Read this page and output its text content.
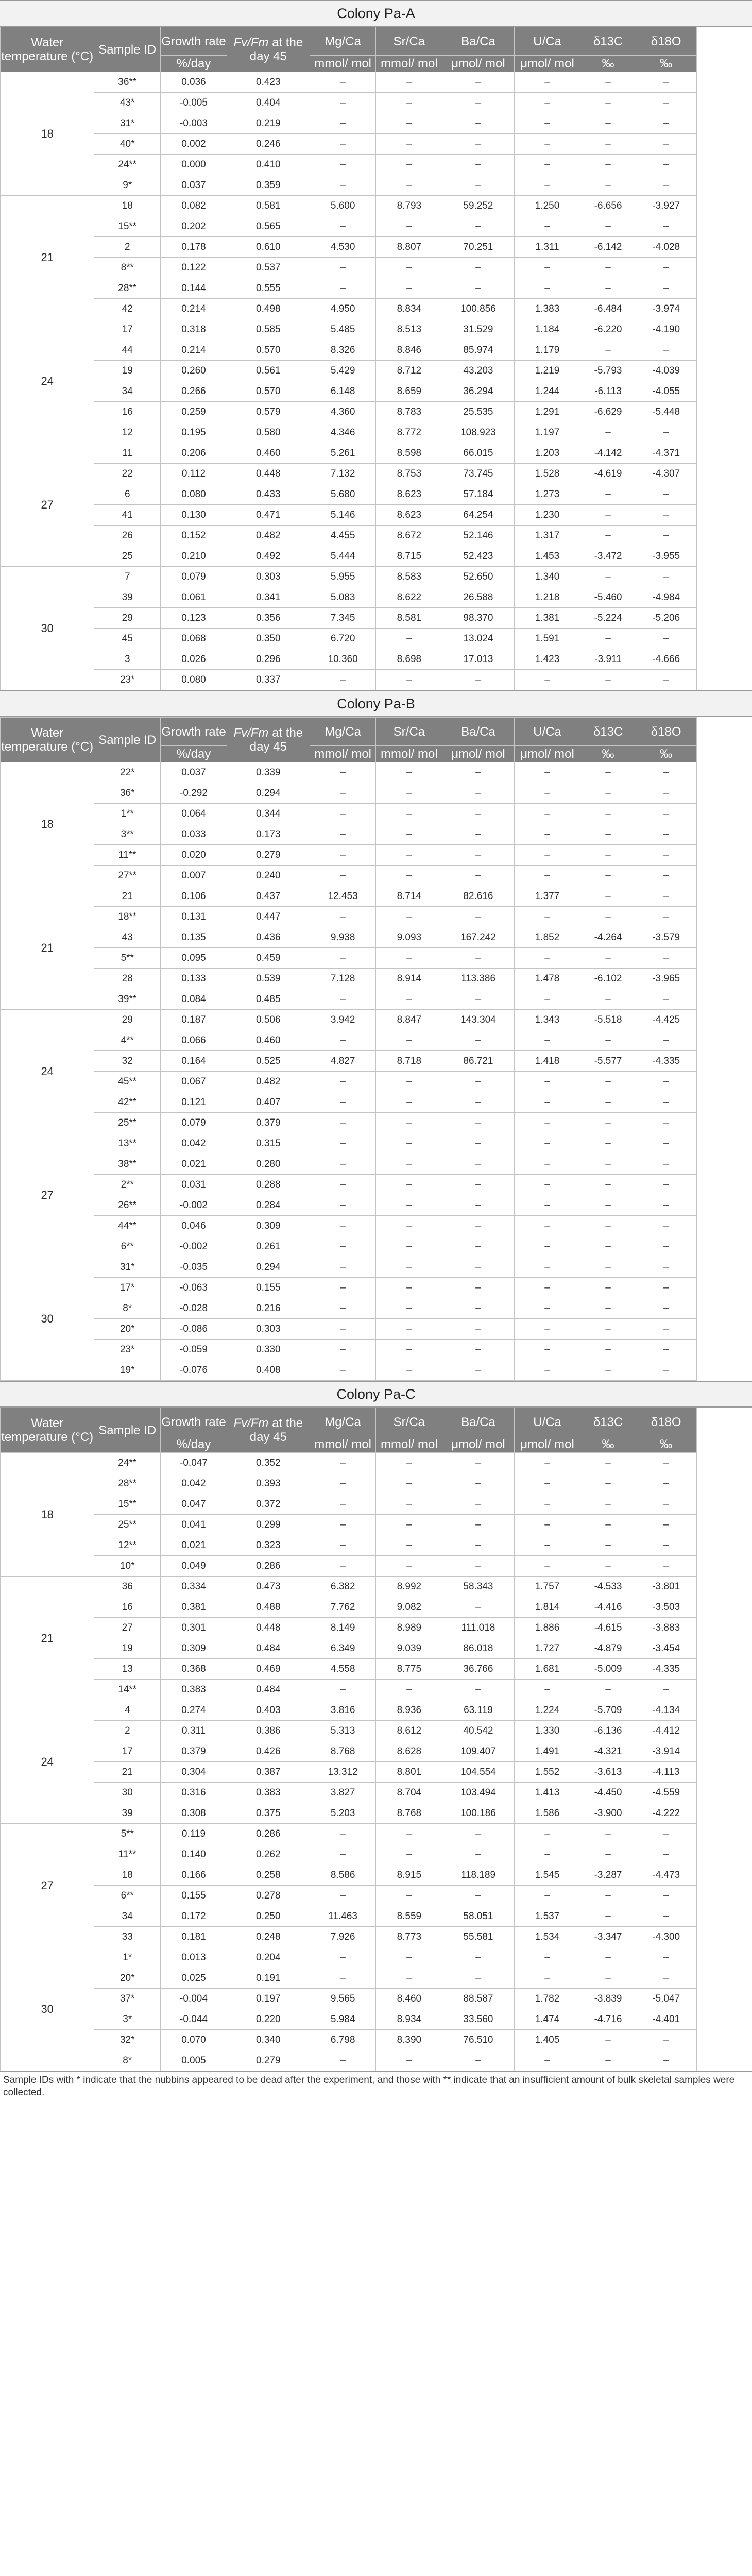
Colony Pa-A
Water temperature (°C)	Sample ID	Growth rate	Fv/Fm at the day 45	Mg/Ca	Sr/Ca	Ba/Ca	U/Ca	δ13C	δ18O
		%/day		mmol/ mol	mmol/ mol	μmol/ mol	μmol/ mol	‰	‰
18	36**	0.036	0.423	–	–	–	–	–	–
	43*	-0.005	0.404	–	–	–	–	–	–
	31*	-0.003	0.219	–	–	–	–	–	–
	40*	0.002	0.246	–	–	–	–	–	–
	24**	0.000	0.410	–	–	–	–	–	–
	9*	0.037	0.359	–	–	–	–	–	–
21	18	0.082	0.581	5.600	8.793	59.252	1.250	-6.656	-3.927
	15**	0.202	0.565	–	–	–	–	–	–
	2	0.178	0.610	4.530	8.807	70.251	1.311	-6.142	-4.028
	8**	0.122	0.537	–	–	–	–	–	–
	28**	0.144	0.555	–	–	–	–	–	–
	42	0.214	0.498	4.950	8.834	100.856	1.383	-6.484	-3.974
24	17	0.318	0.585	5.485	8.513	31.529	1.184	-6.220	-4.190
	44	0.214	0.570	8.326	8.846	85.974	1.179	–	–
	19	0.260	0.561	5.429	8.712	43.203	1.219	-5.793	-4.039
	34	0.266	0.570	6.148	8.659	36.294	1.244	-6.113	-4.055
	16	0.259	0.579	4.360	8.783	25.535	1.291	-6.629	-5.448
	12	0.195	0.580	4.346	8.772	108.923	1.197	–	–
27	11	0.206	0.460	5.261	8.598	66.015	1.203	-4.142	-4.371
	22	0.112	0.448	7.132	8.753	73.745	1.528	-4.619	-4.307
	6	0.080	0.433	5.680	8.623	57.184	1.273	–	–
	41	0.130	0.471	5.146	8.623	64.254	1.230	–	–
	26	0.152	0.482	4.455	8.672	52.146	1.317	–	–
	25	0.210	0.492	5.444	8.715	52.423	1.453	-3.472	-3.955
30	7	0.079	0.303	5.955	8.583	52.650	1.340	–	–
	39	0.061	0.341	5.083	8.622	26.588	1.218	-5.460	-4.984
	29	0.123	0.356	7.345	8.581	98.370	1.381	-5.224	-5.206
	45	0.068	0.350	6.720	–	13.024	1.591	–	–
	3	0.026	0.296	10.360	8.698	17.013	1.423	-3.911	-4.666
	23*	0.080	0.337	–	–	–	–	–	–
Colony Pa-B
Water temperature (°C)	Sample ID	Growth rate	Fv/Fm at the day 45	Mg/Ca	Sr/Ca	Ba/Ca	U/Ca	δ13C	δ18O
		%/day		mmol/ mol	mmol/ mol	μmol/ mol	μmol/ mol	‰	‰
18	22*	0.037	0.339	–	–	–	–	–	–
	36*	-0.292	0.294	–	–	–	–	–	–
	1**	0.064	0.344	–	–	–	–	–	–
	3**	0.033	0.173	–	–	–	–	–	–
	11**	0.020	0.279	–	–	–	–	–	–
	27**	0.007	0.240	–	–	–	–	–	–
21	21	0.106	0.437	12.453	8.714	82.616	1.377	–	–
	18**	0.131	0.447	–	–	–	–	–	–
	43	0.135	0.436	9.938	9.093	167.242	1.852	-4.264	-3.579
	5**	0.095	0.459	–	–	–	–	–	–
	28	0.133	0.539	7.128	8.914	113.386	1.478	-6.102	-3.965
	39**	0.084	0.485	–	–	–	–	–	–
24	29	0.187	0.506	3.942	8.847	143.304	1.343	-5.518	-4.425
	4**	0.066	0.460	–	–	–	–	–	–
	32	0.164	0.525	4.827	8.718	86.721	1.418	-5.577	-4.335
	45**	0.067	0.482	–	–	–	–	–	–
	42**	0.121	0.407	–	–	–	–	–	–
	25**	0.079	0.379	–	–	–	–	–	–
27	13**	0.042	0.315	–	–	–	–	–	–
	38**	0.021	0.280	–	–	–	–	–	–
	2**	0.031	0.288	–	–	–	–	–	–
	26**	-0.002	0.284	–	–	–	–	–	–
	44**	0.046	0.309	–	–	–	–	–	–
	6**	-0.002	0.261	–	–	–	–	–	–
30	31*	-0.035	0.294	–	–	–	–	–	–
	17*	-0.063	0.155	–	–	–	–	–	–
	8*	-0.028	0.216	–	–	–	–	–	–
	20*	-0.086	0.303	–	–	–	–	–	–
	23*	-0.059	0.330	–	–	–	–	–	–
	19*	-0.076	0.408	–	–	–	–	–	–
Colony Pa-C
Water temperature (°C)	Sample ID	Growth rate	Fv/Fm at the day 45	Mg/Ca	Sr/Ca	Ba/Ca	U/Ca	δ13C	δ18O
		%/day		mmol/ mol	mmol/ mol	μmol/ mol	μmol/ mol	‰	‰
18	24**	-0.047	0.352	–	–	–	–	–	–
	28**	0.042	0.393	–	–	–	–	–	–
	15**	0.047	0.372	–	–	–	–	–	–
	25**	0.041	0.299	–	–	–	–	–	–
	12**	0.021	0.323	–	–	–	–	–	–
	10*	0.049	0.286	–	–	–	–	–	–
21	36	0.334	0.473	6.382	8.992	58.343	1.757	-4.533	-3.801
	16	0.381	0.488	7.762	9.082	–	1.814	-4.416	-3.503
	27	0.301	0.448	8.149	8.989	111.018	1.886	-4.615	-3.883
	19	0.309	0.484	6.349	9.039	86.018	1.727	-4.879	-3.454
	13	0.368	0.469	4.558	8.775	36.766	1.681	-5.009	-4.335
	14**	0.383	0.484	–	–	–	–	–	–
24	4	0.274	0.403	3.816	8.936	63.119	1.224	-5.709	-4.134
	2	0.311	0.386	5.313	8.612	40.542	1.330	-6.136	-4.412
	17	0.379	0.426	8.768	8.628	109.407	1.491	-4.321	-3.914
	21	0.304	0.387	13.312	8.801	104.554	1.552	-3.613	-4.113
	30	0.316	0.383	3.827	8.704	103.494	1.413	-4.450	-4.559
	39	0.308	0.375	5.203	8.768	100.186	1.586	-3.900	-4.222
27	5**	0.119	0.286	–	–	–	–	–	–
	11**	0.140	0.262	–	–	–	–	–	–
	18	0.166	0.258	8.586	8.915	118.189	1.545	-3.287	-4.473
	6**	0.155	0.278	–	–	–	–	–	–
	34	0.172	0.250	11.463	8.559	58.051	1.537	–	–
	33	0.181	0.248	7.926	8.773	55.581	1.534	-3.347	-4.300
30	1*	0.013	0.204	–	–	–	–	–	–
	20*	0.025	0.191	–	–	–	–	–	–
	37*	-0.004	0.197	9.565	8.460	88.587	1.782	-3.839	-5.047
	3*	-0.044	0.220	5.984	8.934	33.560	1.474	-4.716	-4.401
	32*	0.070	0.340	6.798	8.390	76.510	1.405	–	–
	8*	0.005	0.279	–	–	–	–	–	–
Sample IDs with * indicate that the nubbins appeared to be dead after the experiment, and those with ** indicate that an insufficient amount of bulk skeletal samples were collected.
